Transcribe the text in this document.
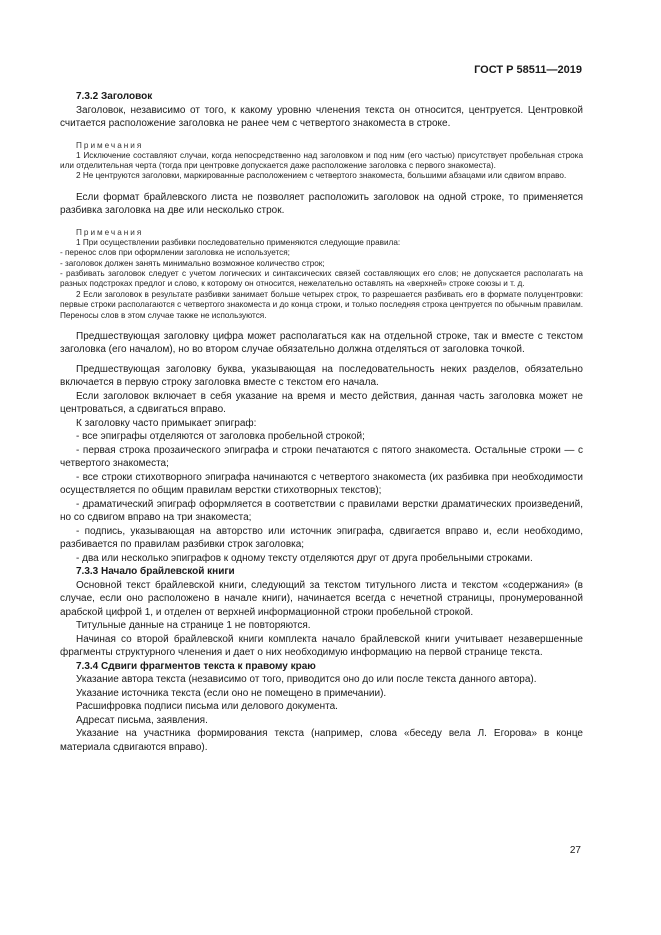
ГОСТ Р 58511—2019

7.3.2 Заголовок

Заголовок, независимо от того, к какому уровню членения текста он относится, центруется. Центровкой считается расположение заголовка не ранее чем с четвертого знакоместа в строке.

Примечания

1 Исключение составляют случаи, когда непосредственно над заголовком и под ним (его частью) присутствует пробельная строка или отделительная черта (тогда при центровке допускается даже расположение заголовка с первого знакоместа).

2 Не центруются заголовки, маркированные расположением с четвертого знакоместа, большими абзацами или сдвигом вправо.

Если формат брайлевского листа не позволяет расположить заголовок на одной строке, то применяется разбивка заголовка на две или несколько строк.

Примечания

1 При осуществлении разбивки последовательно применяются следующие правила:

- перенос слов при оформлении заголовка не используется;

- заголовок должен занять минимально возможное количество строк;

- разбивать заголовок следует с учетом логических и синтаксических связей составляющих его слов; не допускается располагать на разных подстроках предлог и слово, к которому он относится, нежелательно оставлять на «верхней» строке союзы и т. д.

2 Если заголовок в результате разбивки занимает больше четырех строк, то разрешается разбивать его в формате полуцентровки: первые строки располагаются с четвертого знакоместа и до конца строки, и только последняя строка центруется по обычным правилам. Переносы слов в этом случае также не используются.

Предшествующая заголовку цифра может располагаться как на отдельной строке, так и вместе с текстом заголовка (его началом), но во втором случае обязательно должна отделяться от заголовка точкой.

Предшествующая заголовку буква, указывающая на последовательность неких разделов, обязательно включается в первую строку заголовка вместе с текстом его начала.

Если заголовок включает в себя указание на время и место действия, данная часть заголовка может не центроваться, а сдвигаться вправо.

К заголовку часто примыкает эпиграф:

- все эпиграфы отделяются от заголовка пробельной строкой;

- первая строка прозаического эпиграфа и строки печатаются с пятого знакоместа. Остальные строки — с четвертого знакоместа;

- все строки стихотворного эпиграфа начинаются с четвертого знакоместа (их разбивка при необходимости осуществляется по общим правилам верстки стихотворных текстов);

- драматический эпиграф оформляется в соответствии с правилами верстки драматических произведений, но со сдвигом вправо на три знакоместа;

- подпись, указывающая на авторство или источник эпиграфа, сдвигается вправо и, если необходимо, разбивается по правилам разбивки строк заголовка;

- два или несколько эпиграфов к одному тексту отделяются друг от друга пробельными строками.

7.3.3 Начало брайлевской книги

Основной текст брайлевской книги, следующий за текстом титульного листа и текстом «содержания» (в случае, если оно расположено в начале книги), начинается всегда с нечетной страницы, пронумерованной арабской цифрой 1, и отделен от верхней информационной строки пробельной строкой.

Титульные данные на странице 1 не повторяются.

Начиная со второй брайлевской книги комплекта начало брайлевской книги учитывает незавершенные фрагменты структурного членения и дает о них необходимую информацию на первой странице текста.

7.3.4 Сдвиги фрагментов текста к правому краю

Указание автора текста (независимо от того, приводится оно до или после текста данного автора).

Указание источника текста (если оно не помещено в примечании).

Расшифровка подписи письма или делового документа.

Адресат письма, заявления.

Указание на участника формирования текста (например, слова «беседу вела Л. Егорова» в конце материала сдвигаются вправо).

27
